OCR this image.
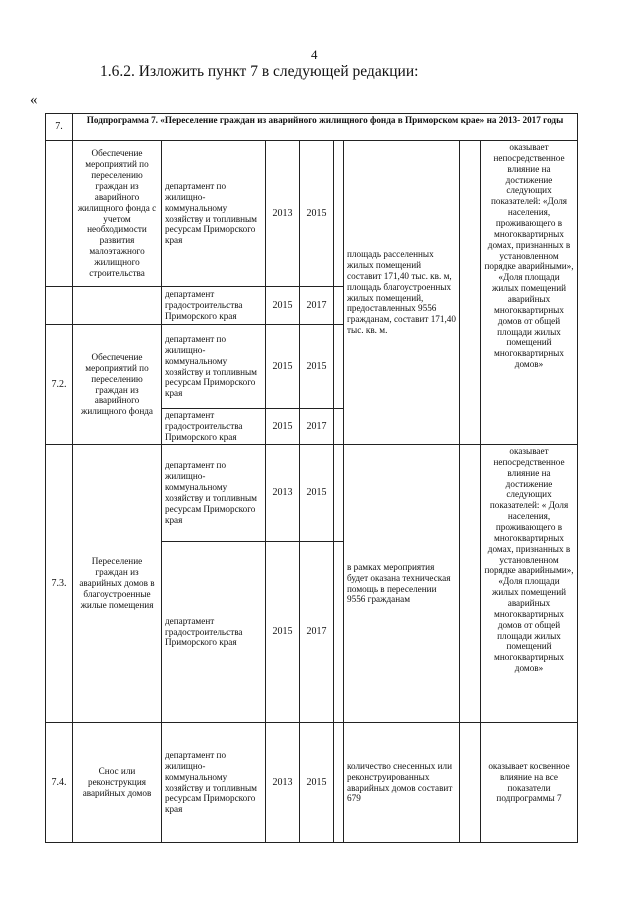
4
1.6.2. Изложить пункт 7 в следующей редакции:
«
7.	Подпрограмма 7. «Переселение граждан из аварийного жилищного фонда в Приморском крае» на 2013- 2017 годы							
	Обеспечение мероприятий по переселению граждан из аварийного жилищного фонда с учетом необходимости развития малоэтажного жилищного строительства	департамент по жилищно-коммунальному хозяйству и топливным ресурсам Приморского края	2013	2015		площадь расселенных жилых помещений составит 171,40 тыс. кв. м, площадь благоустроенных жилых помещений, предоставленных 9556 гражданам, составит 171,40 тыс. кв. м.		оказывает непосредственное влияние на достижение следующих показателей: «Доля населения, проживающего в многоквартирных домах, признанных в установленном порядке аварийными», «Доля площади жилых помещений аварийных многоквартирных домов от общей площади жилых помещений многоквартирных домов»
		департамент градостроительства Приморского края	2015	2017				
7.2.	Обеспечение мероприятий по переселению граждан из аварийного жилищного фонда	департамент по жилищно-коммунальному хозяйству и топливным ресурсам Приморского края	2015	2015				
		департамент градостроительства Приморского края	2015	2017				
7.3.	Переселение граждан из аварийных домов в благоустроенные жилые помещения	департамент по жилищно-коммунальному хозяйству и топливным ресурсам Приморского края	2013	2015		в рамках мероприятия будет оказана техническая помощь в переселении 9556 гражданам		оказывает непосредственное влияние на достижение следующих показателей: « Доля населения, проживающего в многоквартирных домах, признанных в установленном порядке аварийными», «Доля площади жилых помещений аварийных многоквартирных домов от общей площади жилых помещений многоквартирных домов»
		департамент градостроительства Приморского края	2015	2017				
7.4.	Снос или реконструкция аварийных домов	департамент по жилищно-коммунальному хозяйству и топливным ресурсам Приморского края	2013	2015		количество снесенных или реконструированных аварийных домов составит 679		оказывает косвенное влияние на все показатели подпрограммы 7
